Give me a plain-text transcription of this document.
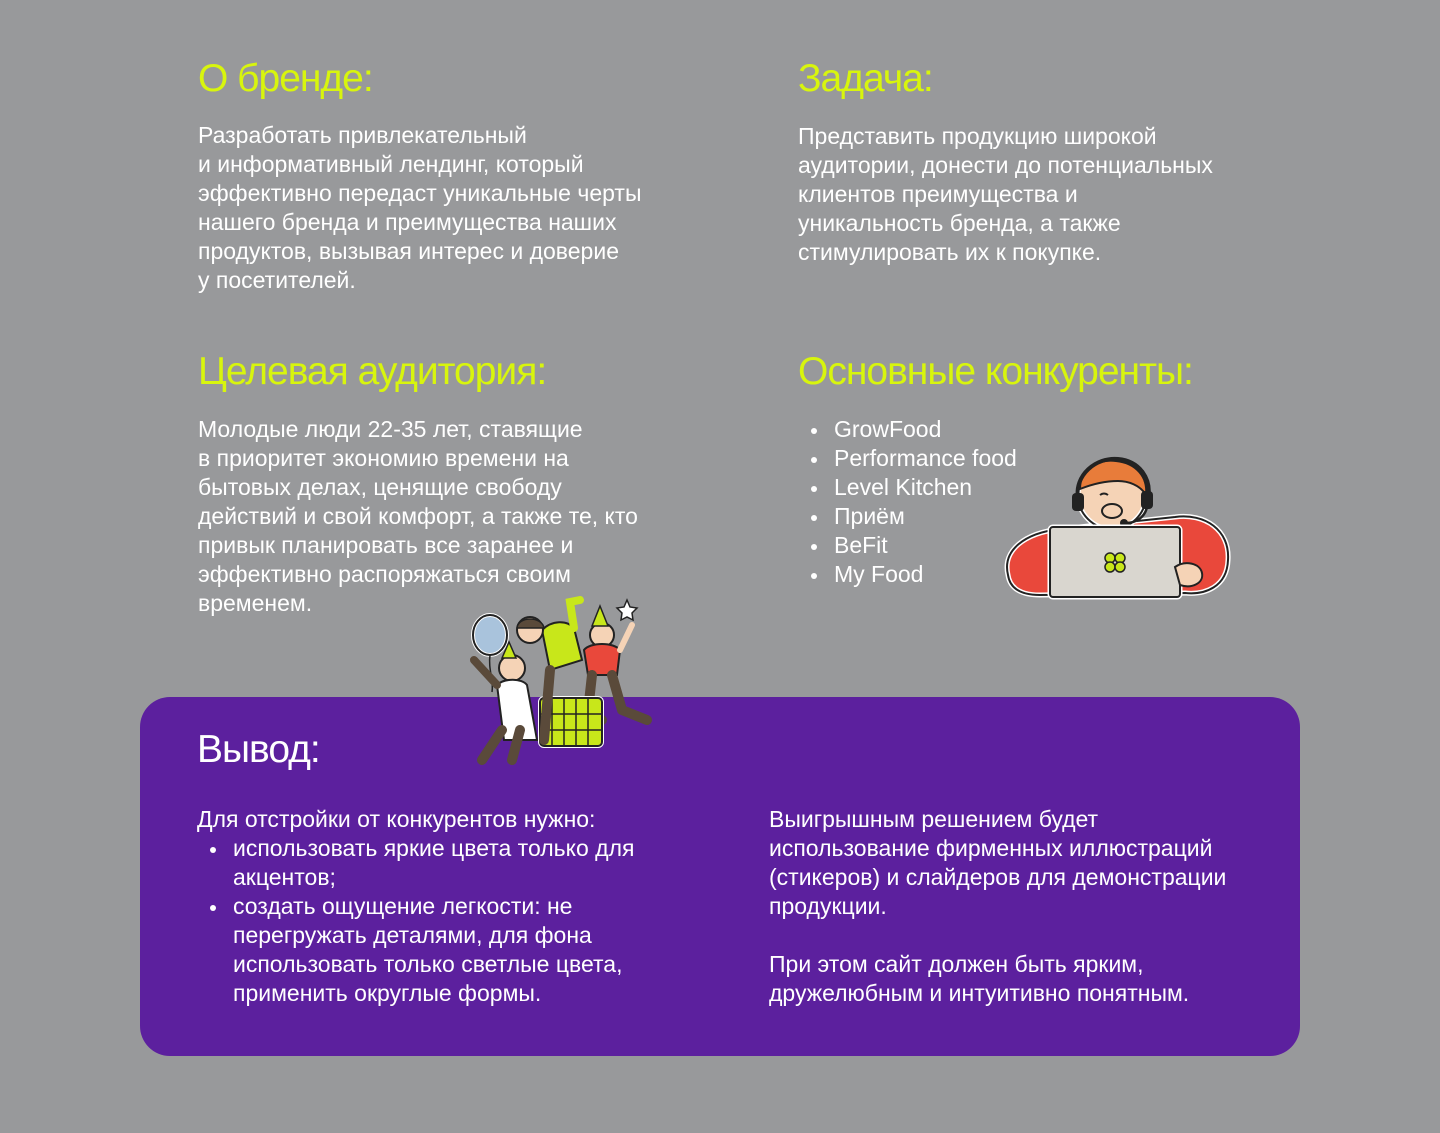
О бренде:

Разработать привлекательный
и информативный лендинг, который
эффективно передаст уникальные черты
нашего бренда и преимущества наших
продуктов, вызывая интерес и доверие
у посетителей.

Задача:

Представить продукцию широкой
аудитории, донести до потенциальных
клиентов преимущества и
уникальность бренда, а также
стимулировать их к покупке.

Целевая аудитория:

Молодые люди 22-35 лет, ставящие
в приоритет экономию времени на
бытовых делах, ценящие свободу
действий и свой комфорт, а также те, кто
привык планировать все заранее и
эффективно распоряжаться своим
временем.

Основные конкуренты:
GrowFood
Performance food
Level Kitchen
Приём
BeFit
My Food
Вывод:
Для отстройки от конкурентов нужно:
использовать яркие цвета только для
акцентов;
создать ощущение легкости: не
перегружать деталями, для фона
использовать только светлые цвета,
применить округлые формы.
Выигрышным решением будет
использование фирменных иллюстраций
(стикеров) и слайдеров для демонстрации
продукции.
При этом сайт должен быть ярким,
дружелюбным и интуитивно понятным.
